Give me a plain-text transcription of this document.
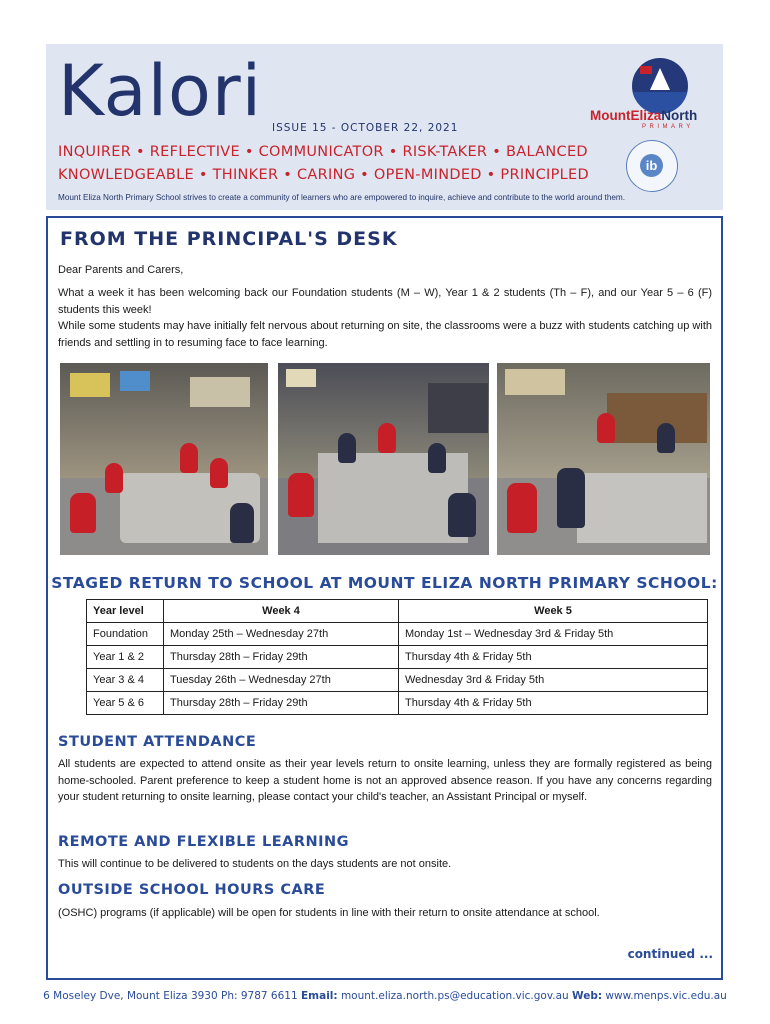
Kalori ISSUE 15 - OCTOBER 22, 2021
INQUIRER • REFLECTIVE • COMMUNICATOR • RISK-TAKER • BALANCED
KNOWLEDGEABLE • THINKER • CARING • OPEN-MINDED • PRINCIPLED
Mount Eliza North Primary School strives to create a community of learners who are empowered to inquire, achieve and contribute to the world around them.
MountElizaNorth
PRIMARY
ib
FROM THE PRINCIPAL'S DESK

Dear Parents and Carers,

What a week it has been welcoming back our Foundation students (M – W), Year 1 & 2 students (Th – F), and our Year 5 – 6 (F) students this week!

While some students may have initially felt nervous about returning on site, the classrooms were a buzz with students catching up with friends and settling in to resuming face to face learning.

STAGED RETURN TO SCHOOL AT MOUNT ELIZA NORTH PRIMARY SCHOOL:
Year level	Week 4	Week 5
Foundation	Monday 25th – Wednesday 27th	Monday 1st – Wednesday 3rd & Friday 5th
Year 1 & 2	Thursday 28th – Friday 29th	Thursday 4th & Friday 5th
Year 3 & 4	Tuesday 26th – Wednesday 27th	Wednesday 3rd & Friday 5th
Year 5 & 6	Thursday 28th – Friday 29th	Thursday 4th & Friday 5th
STUDENT ATTENDANCE

All students are expected to attend onsite as their year levels return to onsite learning, unless they are formally registered as being home-schooled. Parent preference to keep a student home is not an approved absence reason. If you have any concerns regarding your student returning to onsite learning, please contact your child's teacher, an Assistant Principal or myself.

REMOTE AND FLEXIBLE LEARNING

This will continue to be delivered to students on the days students are not onsite.

OUTSIDE SCHOOL HOURS CARE

(OSHC) programs (if applicable) will be open for students in line with their return to onsite attendance at school.

continued ...
6 Moseley Dve, Mount Eliza 3930 Ph: 9787 6611 Email: mount.eliza.north.ps@education.vic.gov.au Web: www.menps.vic.edu.au
